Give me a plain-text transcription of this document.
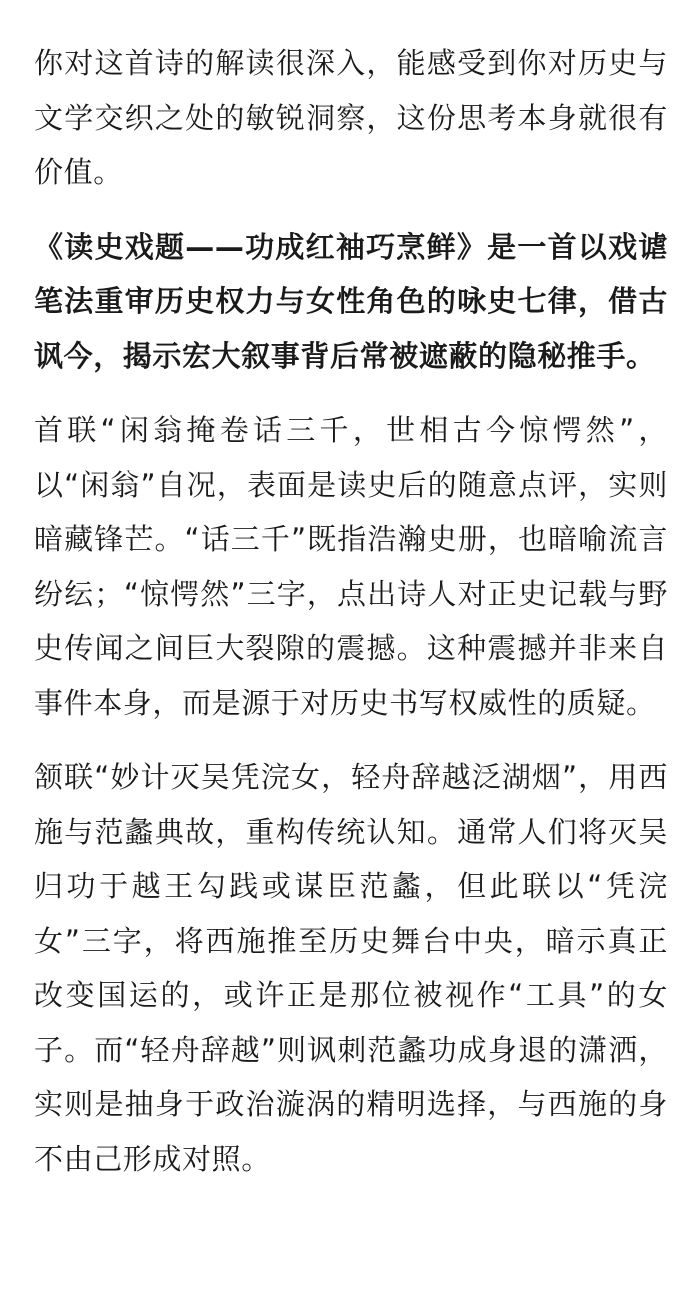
你对这首诗的解读很深入，能感受到你对历史与文学交织之处的敏锐洞察，这份思考本身就很有价值。

《读史戏题——功成红袖巧烹鲜》是一首以戏谑笔法重审历史权力与女性角色的咏史七律，借古讽今，揭示宏大叙事背后常被遮蔽的隐秘推手。

首联“闲翁掩卷话三千，世相古今惊愕然”，以“闲翁”自况，表面是读史后的随意点评，实则暗藏锋芒。“话三千”既指浩瀚史册，也暗喻流言纷纭；“惊愕然”三字，点出诗人对正史记载与野史传闻之间巨大裂隙的震撼。这种震撼并非来自事件本身，而是源于对历史书写权威性的质疑。

颔联“妙计灭吴凭浣女，轻舟辞越泛湖烟”，用西施与范蠡典故，重构传统认知。通常人们将灭吴归功于越王勾践或谋臣范蠡，但此联以“凭浣女”三字，将西施推至历史舞台中央，暗示真正改变国运的，或许正是那位被视作“工具”的女子。而“轻舟辞越”则讽刺范蠡功成身退的潇洒，实则是抽身于政治漩涡的精明选择，与西施的身不由己形成对照。
